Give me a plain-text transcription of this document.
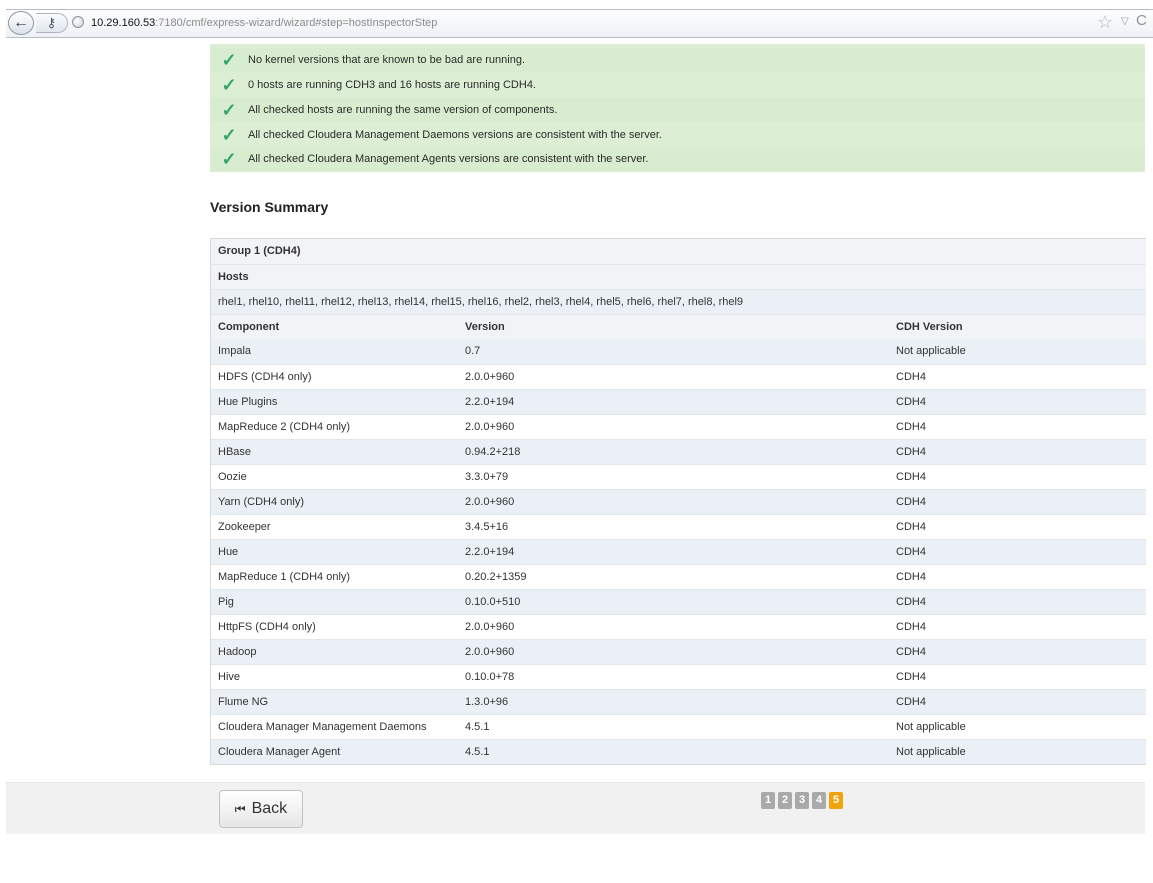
← ⚷	10.29.160.53:7180/cmf/express-wizard/wizard#step=hostInspectorStep	☆ ▽ C
✓	No kernel versions that are known to be bad are running.
✓	0 hosts are running CDH3 and 16 hosts are running CDH4.
✓	All checked hosts are running the same version of components.
✓	All checked Cloudera Management Daemons versions are consistent with the server.
✓	All checked Cloudera Management Agents versions are consistent with the server.
Version Summary
Group 1 (CDH4)
Hosts
rhel1, rhel10, rhel11, rhel12, rhel13, rhel14, rhel15, rhel16, rhel2, rhel3, rhel4, rhel5, rhel6, rhel7, rhel8, rhel9
Component	Version	CDH Version
Impala	0.7	Not applicable
HDFS (CDH4 only)	2.0.0+960	CDH4
Hue Plugins	2.2.0+194	CDH4
MapReduce 2 (CDH4 only)	2.0.0+960	CDH4
HBase	0.94.2+218	CDH4
Oozie	3.3.0+79	CDH4
Yarn (CDH4 only)	2.0.0+960	CDH4
Zookeeper	3.4.5+16	CDH4
Hue	2.2.0+194	CDH4
MapReduce 1 (CDH4 only)	0.20.2+1359	CDH4
Pig	0.10.0+510	CDH4
HttpFS (CDH4 only)	2.0.0+960	CDH4
Hadoop	2.0.0+960	CDH4
Hive	0.10.0+78	CDH4
Flume NG	1.3.0+96	CDH4
Cloudera Manager Management Daemons	4.5.1	Not applicable
Cloudera Manager Agent	4.5.1	Not applicable
⏮ Back	1 2 3 4 5
